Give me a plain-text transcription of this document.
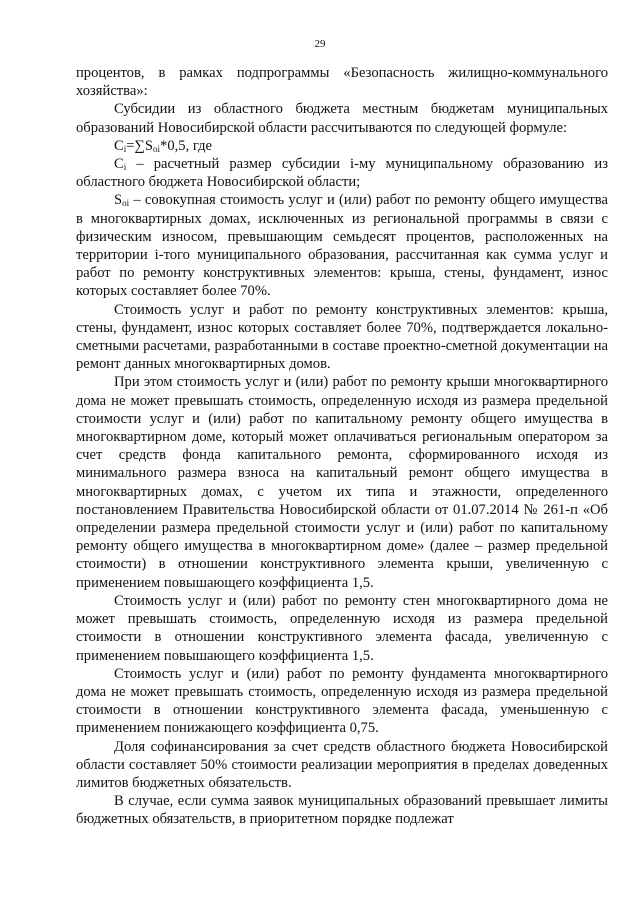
29

процентов, в рамках подпрограммы «Безопасность жилищно-коммунального хозяйства»:

Субсидии из областного бюджета местным бюджетам муниципальных образований Новосибирской области рассчитываются по следующей формуле:

$C_i=\sum S_{oi}*0,5$, где

$C_i$ – расчетный размер субсидии i-му муниципальному образованию из областного бюджета Новосибирской области;

$S_{oi}$ – совокупная стоимость услуг и (или) работ по ремонту общего имущества в многоквартирных домах, исключенных из региональной программы в связи с физическим износом, превышающим семьдесят процентов, расположенных на территории i-того муниципального образования, рассчитанная как сумма услуг и работ по ремонту конструктивных элементов: крыша, стены, фундамент, износ которых составляет более 70%.

Стоимость услуг и работ по ремонту конструктивных элементов: крыша, стены, фундамент, износ которых составляет более 70%, подтверждается локально-сметными расчетами, разработанными в составе проектно-сметной документации на ремонт данных многоквартирных домов.

При этом стоимость услуг и (или) работ по ремонту крыши многоквартирного дома не может превышать стоимость, определенную исходя из размера предельной стоимости услуг и (или) работ по капитальному ремонту общего имущества в многоквартирном доме, который может оплачиваться региональным оператором за счет средств фонда капитального ремонта, сформированного исходя из минимального размера взноса на капитальный ремонт общего имущества в многоквартирных домах, с учетом их типа и этажности, определенного постановлением Правительства Новосибирской области от 01.07.2014 № 261-п «Об определении размера предельной стоимости услуг и (или) работ по капитальному ремонту общего имущества в многоквартирном доме» (далее – размер предельной стоимости) в отношении конструктивного элемента крыши, увеличенную с применением повышающего коэффициента 1,5.

Стоимость услуг и (или) работ по ремонту стен многоквартирного дома не может превышать стоимость, определенную исходя из размера предельной стоимости в отношении конструктивного элемента фасада, увеличенную с применением повышающего коэффициента 1,5.

Стоимость услуг и (или) работ по ремонту фундамента многоквартирного дома не может превышать стоимость, определенную исходя из размера предельной стоимости в отношении конструктивного элемента фасада, уменьшенную с применением понижающего коэффициента 0,75.

Доля софинансирования за счет средств областного бюджета Новосибирской области составляет 50% стоимости реализации мероприятия в пределах доведенных лимитов бюджетных обязательств.

В случае, если сумма заявок муниципальных образований превышает лимиты бюджетных обязательств, в приоритетном порядке подлежат
